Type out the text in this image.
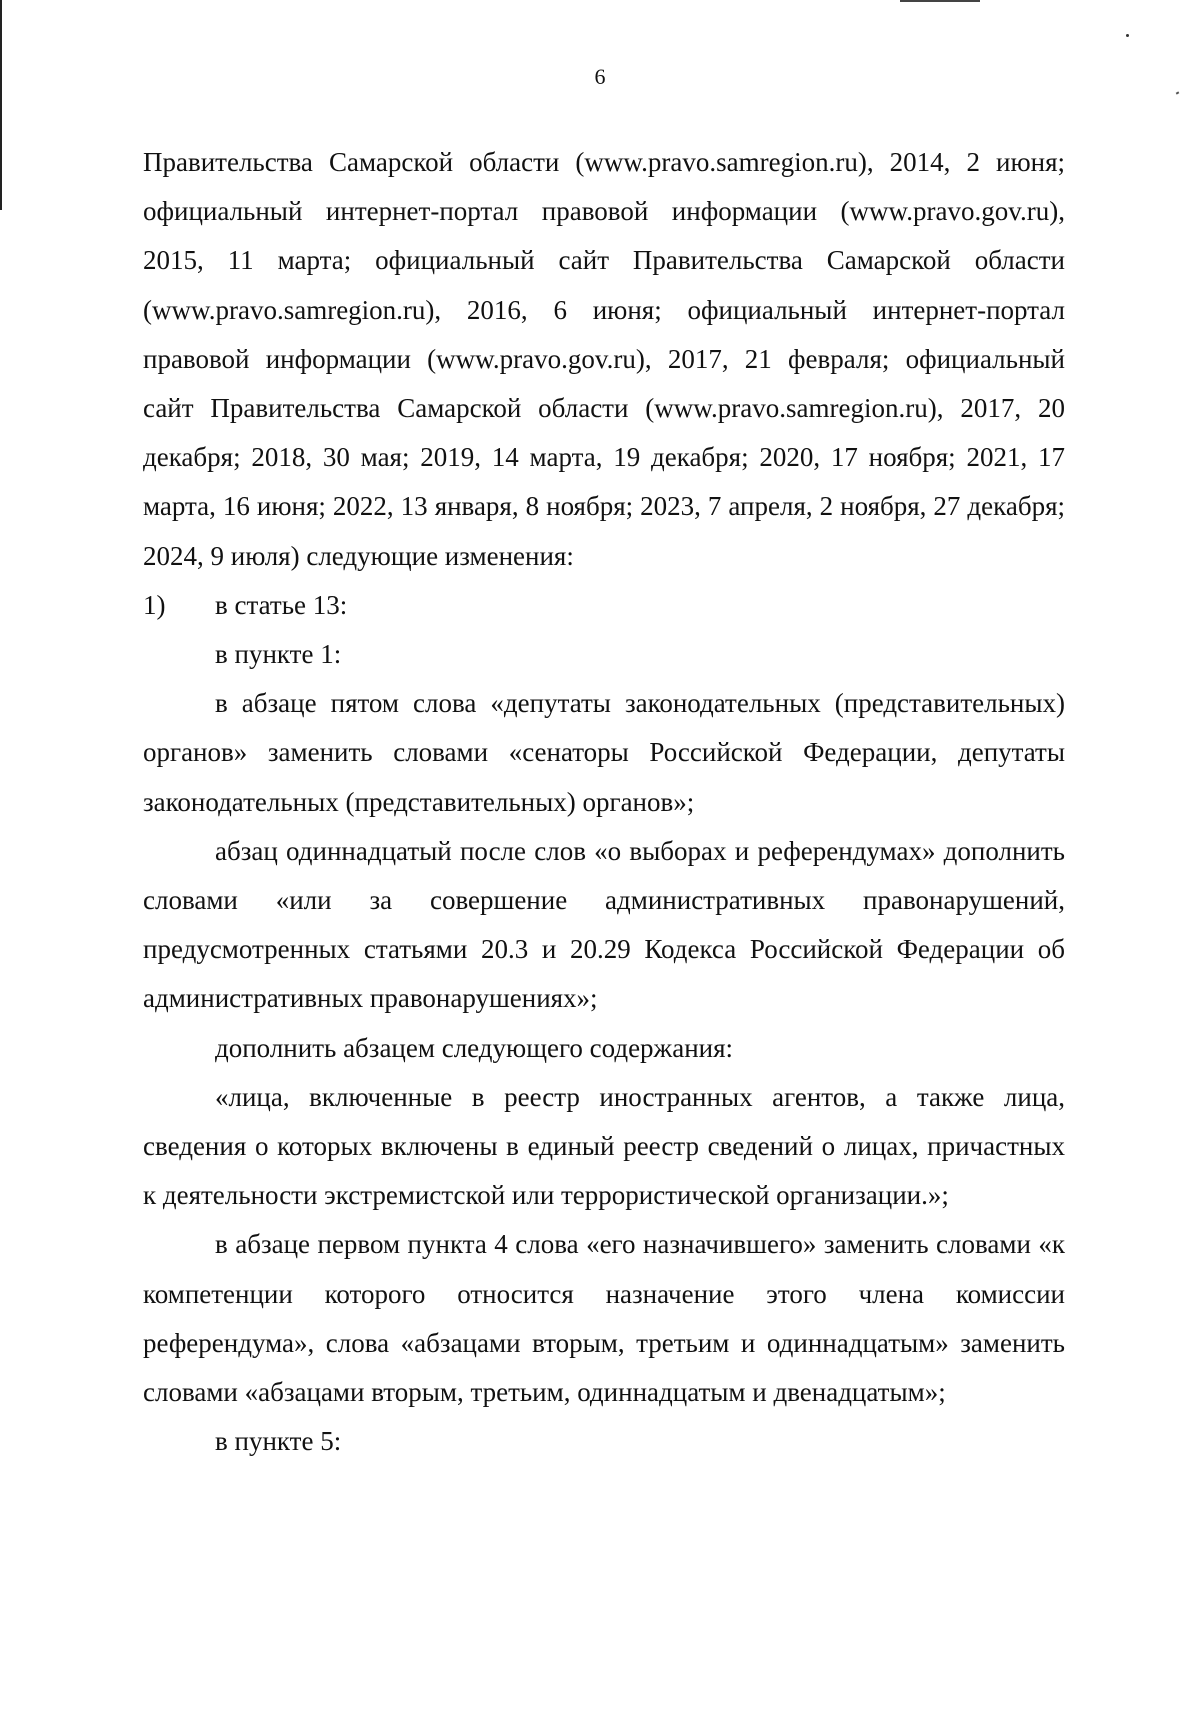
6

Правительства Самарской области (www.pravo.samregion.ru), 2014, 2 июня; официальный интернет-портал правовой информации (www.pravo.gov.ru), 2015, 11 марта; официальный сайт Правительства Самарской области (www.pravo.samregion.ru), 2016, 6 июня; официальный интернет-портал правовой информации (www.pravo.gov.ru), 2017, 21 февраля; официальный сайт Правительства Самарской области (www.pravo.samregion.ru), 2017, 20 декабря; 2018, 30 мая; 2019, 14 марта, 19 декабря; 2020, 17 ноября; 2021, 17 марта, 16 июня; 2022, 13 января, 8 ноября; 2023, 7 апреля, 2 ноября, 27 декабря; 2024, 9 июля) следующие изменения:

1) в статье 13:

в пункте 1:

в абзаце пятом слова «депутаты законодательных (представительных) органов» заменить словами «сенаторы Российской Федерации, депутаты законодательных (представительных) органов»;

абзац одиннадцатый после слов «о выборах и референдумах» дополнить словами «или за совершение административных правонарушений, предусмотренных статьями 20.3 и 20.29 Кодекса Российской Федерации об административных правонарушениях»;

дополнить абзацем следующего содержания:

«лица, включенные в реестр иностранных агентов, а также лица, сведения о которых включены в единый реестр сведений о лицах, причастных к деятельности экстремистской или террористической организации.»;

в абзаце первом пункта 4 слова «его назначившего» заменить словами «к компетенции которого относится назначение этого члена комиссии референдума», слова «абзацами вторым, третьим и одиннадцатым» заменить словами «абзацами вторым, третьим, одиннадцатым и двенадцатым»;

в пункте 5:
